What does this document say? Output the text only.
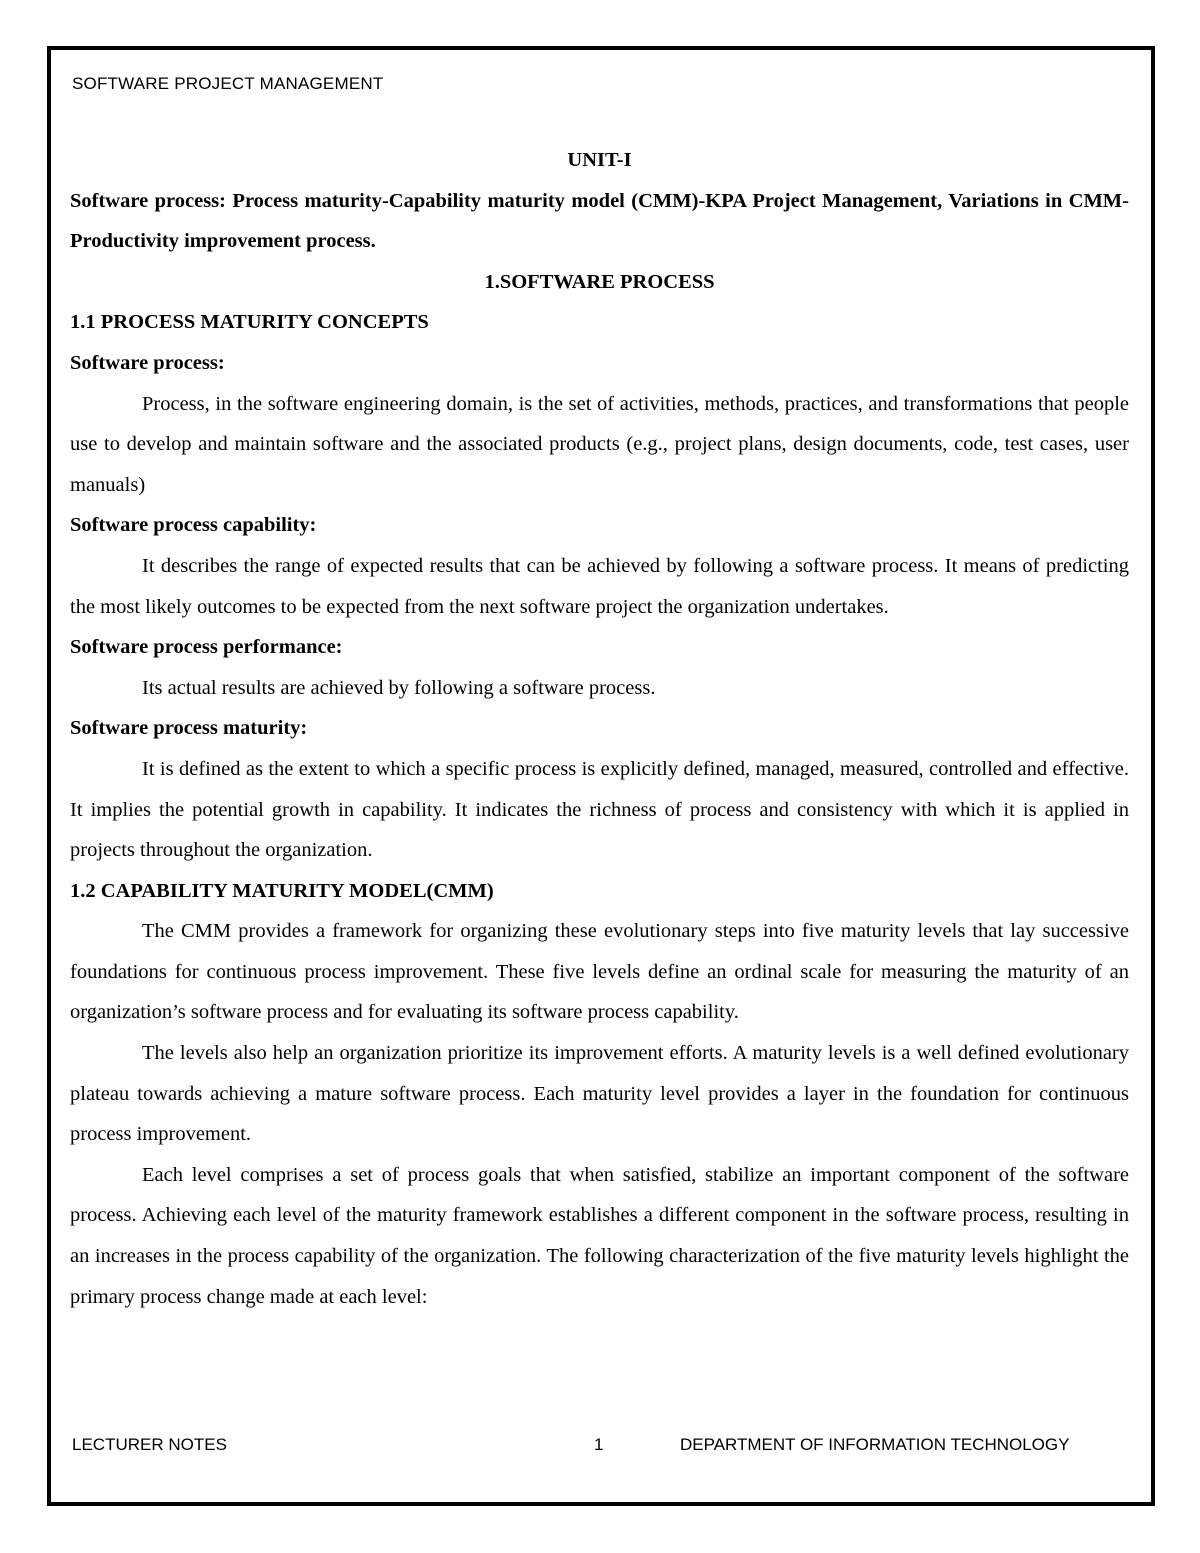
SOFTWARE PROJECT MANAGEMENT

UNIT-I

Software process: Process maturity-Capability maturity model (CMM)-KPA Project Management, Variations in CMM-Productivity improvement process.

1.SOFTWARE PROCESS

1.1 PROCESS MATURITY CONCEPTS

Software process:

Process, in the software engineering domain, is the set of activities, methods, practices, and transformations that people use to develop and maintain software and the associated products (e.g., project plans, design documents, code, test cases, user manuals)

Software process capability:

It describes the range of expected results that can be achieved by following a software process. It means of predicting the most likely outcomes to be expected from the next software project the organization undertakes.

Software process performance:

Its actual results are achieved by following a software process.

Software process maturity:

It is defined as the extent to which a specific process is explicitly defined, managed, measured, controlled and effective. It implies the potential growth in capability. It indicates the richness of process and consistency with which it is applied in projects throughout the organization.

1.2 CAPABILITY MATURITY MODEL(CMM)

The CMM provides a framework for organizing these evolutionary steps into five maturity levels that lay successive foundations for continuous process improvement. These five levels define an ordinal scale for measuring the maturity of an organization’s software process and for evaluating its software process capability.

The levels also help an organization prioritize its improvement efforts. A maturity levels is a well defined evolutionary plateau towards achieving a mature software process. Each maturity level provides a layer in the foundation for continuous process improvement.

Each level comprises a set of process goals that when satisfied, stabilize an important component of the software process. Achieving each level of the maturity framework establishes a different component in the software process, resulting in an increases in the process capability of the organization. The following characterization of the five maturity levels highlight the primary process change made at each level:

LECTURER NOTES	1	DEPARTMENT OF INFORMATION TECHNOLOGY
